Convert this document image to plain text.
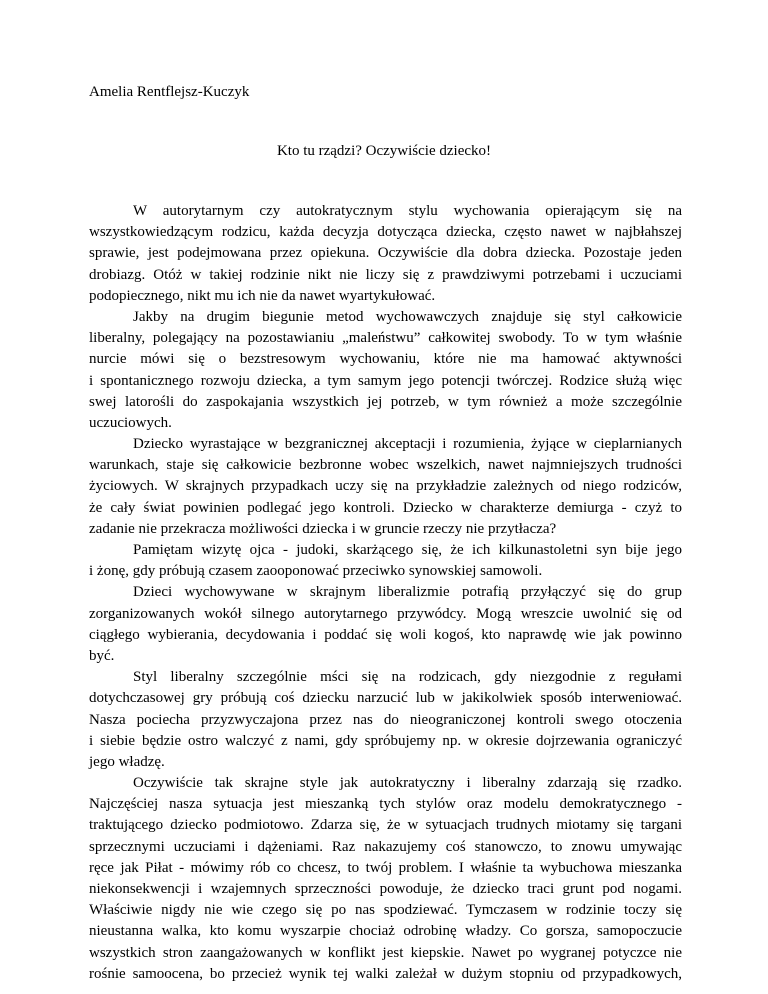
Amelia Rentflejsz-Kuczyk
Kto tu rządzi? Oczywiście dziecko!
W autorytarnym czy autokratycznym stylu wychowania opierającym się na
wszystkowiedzącym rodzicu, każda decyzja dotycząca dziecka, często nawet w najbłahszej
sprawie, jest podejmowana przez opiekuna. Oczywiście dla dobra dziecka. Pozostaje jeden
drobiazg. Otóż w takiej rodzinie nikt nie liczy się z prawdziwymi potrzebami i uczuciami
podopiecznego, nikt mu ich nie da nawet wyartykułować.
Jakby na drugim biegunie metod wychowawczych znajduje się styl całkowicie
liberalny, polegający na pozostawianiu „maleństwu” całkowitej swobody. To w tym właśnie
nurcie mówi się o bezstresowym wychowaniu, które nie ma hamować aktywności
i spontanicznego rozwoju dziecka, a tym samym jego potencji twórczej. Rodzice służą więc
swej latorośli do zaspokajania wszystkich jej potrzeb, w tym również a może szczególnie
uczuciowych.
Dziecko wyrastające w bezgranicznej akceptacji i rozumienia, żyjące w cieplarnianych
warunkach, staje się całkowicie bezbronne wobec wszelkich, nawet najmniejszych trudności
życiowych. W skrajnych przypadkach uczy się na przykładzie zależnych od niego rodziców,
że cały świat powinien podlegać jego kontroli. Dziecko w charakterze demiurga - czyż to
zadanie nie przekracza możliwości dziecka i w gruncie rzeczy nie przytłacza?
Pamiętam wizytę ojca - judoki, skarżącego się, że ich kilkunastoletni syn bije jego
i żonę, gdy próbują czasem zaooponować przeciwko synowskiej samowoli.
Dzieci wychowywane w skrajnym liberalizmie potrafią przyłączyć się do grup
zorganizowanych wokół silnego autorytarnego przywódcy. Mogą wreszcie uwolnić się od
ciągłego wybierania, decydowania i poddać się woli kogoś, kto naprawdę wie jak powinno
być.
Styl liberalny szczególnie mści się na rodzicach, gdy niezgodnie z regułami
dotychczasowej gry próbują coś dziecku narzucić lub w jakikolwiek sposób interweniować.
Nasza pociecha przyzwyczajona przez nas do nieograniczonej kontroli swego otoczenia
i siebie będzie ostro walczyć z nami, gdy spróbujemy np. w okresie dojrzewania ograniczyć
jego władzę.
Oczywiście tak skrajne style jak autokratyczny i liberalny zdarzają się rzadko.
Najczęściej nasza sytuacja jest mieszanką tych stylów oraz modelu demokratycznego -
traktującego dziecko podmiotowo. Zdarza się, że w sytuacjach trudnych miotamy się targani
sprzecznymi uczuciami i dążeniami. Raz nakazujemy coś stanowczo, to znowu umywając
ręce jak Piłat - mówimy rób co chcesz, to twój problem. I właśnie ta wybuchowa mieszanka
niekonsekwencji i wzajemnych sprzeczności powoduje, że dziecko traci grunt pod nogami.
Właściwie nigdy nie wie czego się po nas spodziewać. Tymczasem w rodzinie toczy się
nieustanna walka, kto komu wyszarpie chociaż odrobinę władzy. Co gorsza, samopoczucie
wszystkich stron zaangażowanych w konflikt jest kiepskie. Nawet po wygranej potyczce nie
rośnie samoocena, bo przecież wynik tej walki zależał w dużym stopniu od przypadkowych,
